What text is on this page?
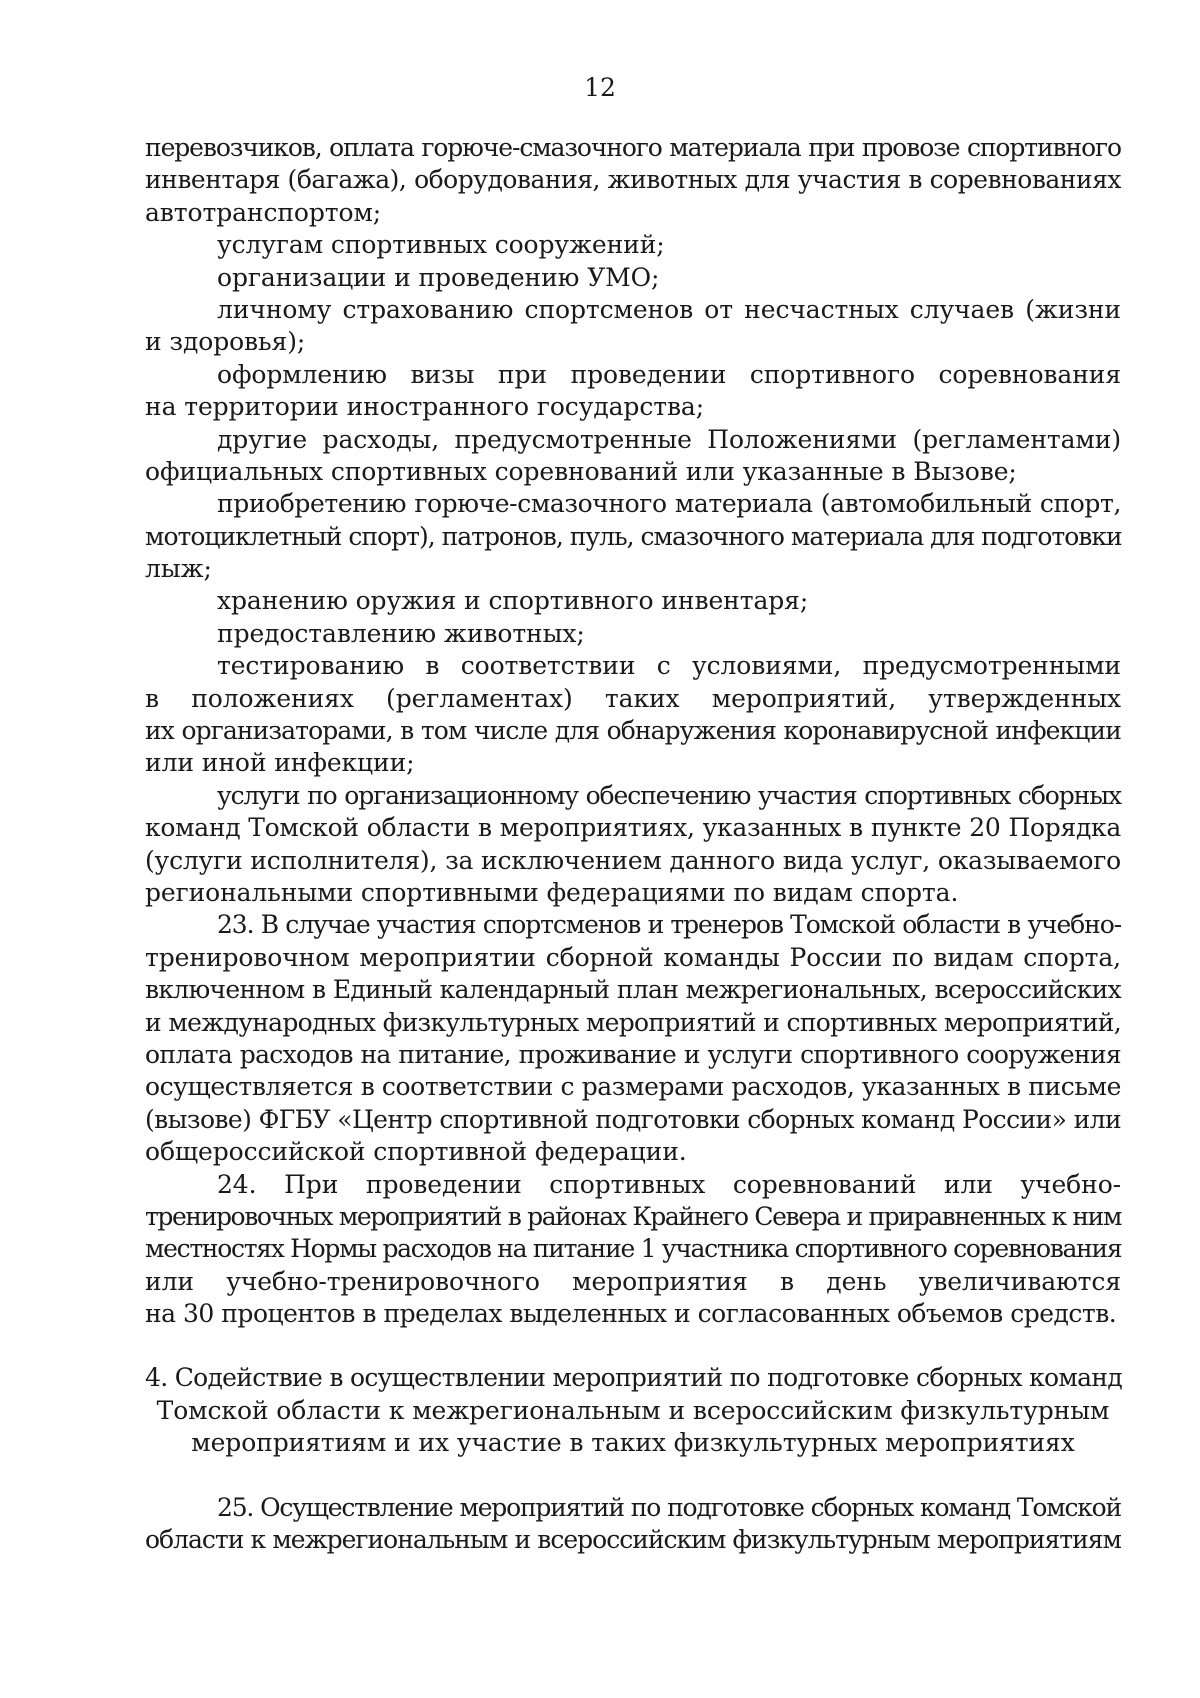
12
перевозчиков, оплата горюче-смазочного материала при провозе спортивного
инвентаря (багажа), оборудования, животных для участия в соревнованиях
автотранспортом;
услугам спортивных сооружений;
организации и проведению УМО;
личному страхованию спортсменов от несчастных случаев (жизни
и здоровья);
оформлению визы при проведении спортивного соревнования
на территории иностранного государства;
другие расходы, предусмотренные Положениями (регламентами)
официальных спортивных соревнований или указанные в Вызове;
приобретению горюче-смазочного материала (автомобильный спорт,
мотоциклетный спорт), патронов, пуль, смазочного материала для подготовки
лыж;
хранению оружия и спортивного инвентаря;
предоставлению животных;
тестированию в соответствии с условиями, предусмотренными
в положениях (регламентах) таких мероприятий, утвержденных
их организаторами, в том числе для обнаружения коронавирусной инфекции
или иной инфекции;
услуги по организационному обеспечению участия спортивных сборных
команд Томской области в мероприятиях, указанных в пункте 20 Порядка
(услуги исполнителя), за исключением данного вида услуг, оказываемого
региональными спортивными федерациями по видам спорта.
23. В случае участия спортсменов и тренеров Томской области в учебно-
тренировочном мероприятии сборной команды России по видам спорта,
включенном в Единый календарный план межрегиональных, всероссийских
и международных физкультурных мероприятий и спортивных мероприятий,
оплата расходов на питание, проживание и услуги спортивного сооружения
осуществляется в соответствии с размерами расходов, указанных в письме
(вызове) ФГБУ «Центр спортивной подготовки сборных команд России» или
общероссийской спортивной федерации.
24. При проведении спортивных соревнований или учебно-
тренировочных мероприятий в районах Крайнего Севера и приравненных к ним
местностях Нормы расходов на питание 1 участника спортивного соревнования
или учебно-тренировочного мероприятия в день увеличиваются
на 30 процентов в пределах выделенных и согласованных объемов средств.
4. Содействие в осуществлении мероприятий по подготовке сборных команд
Томской области к межрегиональным и всероссийским физкультурным
мероприятиям и их участие в таких физкультурных мероприятиях
25. Осуществление мероприятий по подготовке сборных команд Томской
области к межрегиональным и всероссийским физкультурным мероприятиям
